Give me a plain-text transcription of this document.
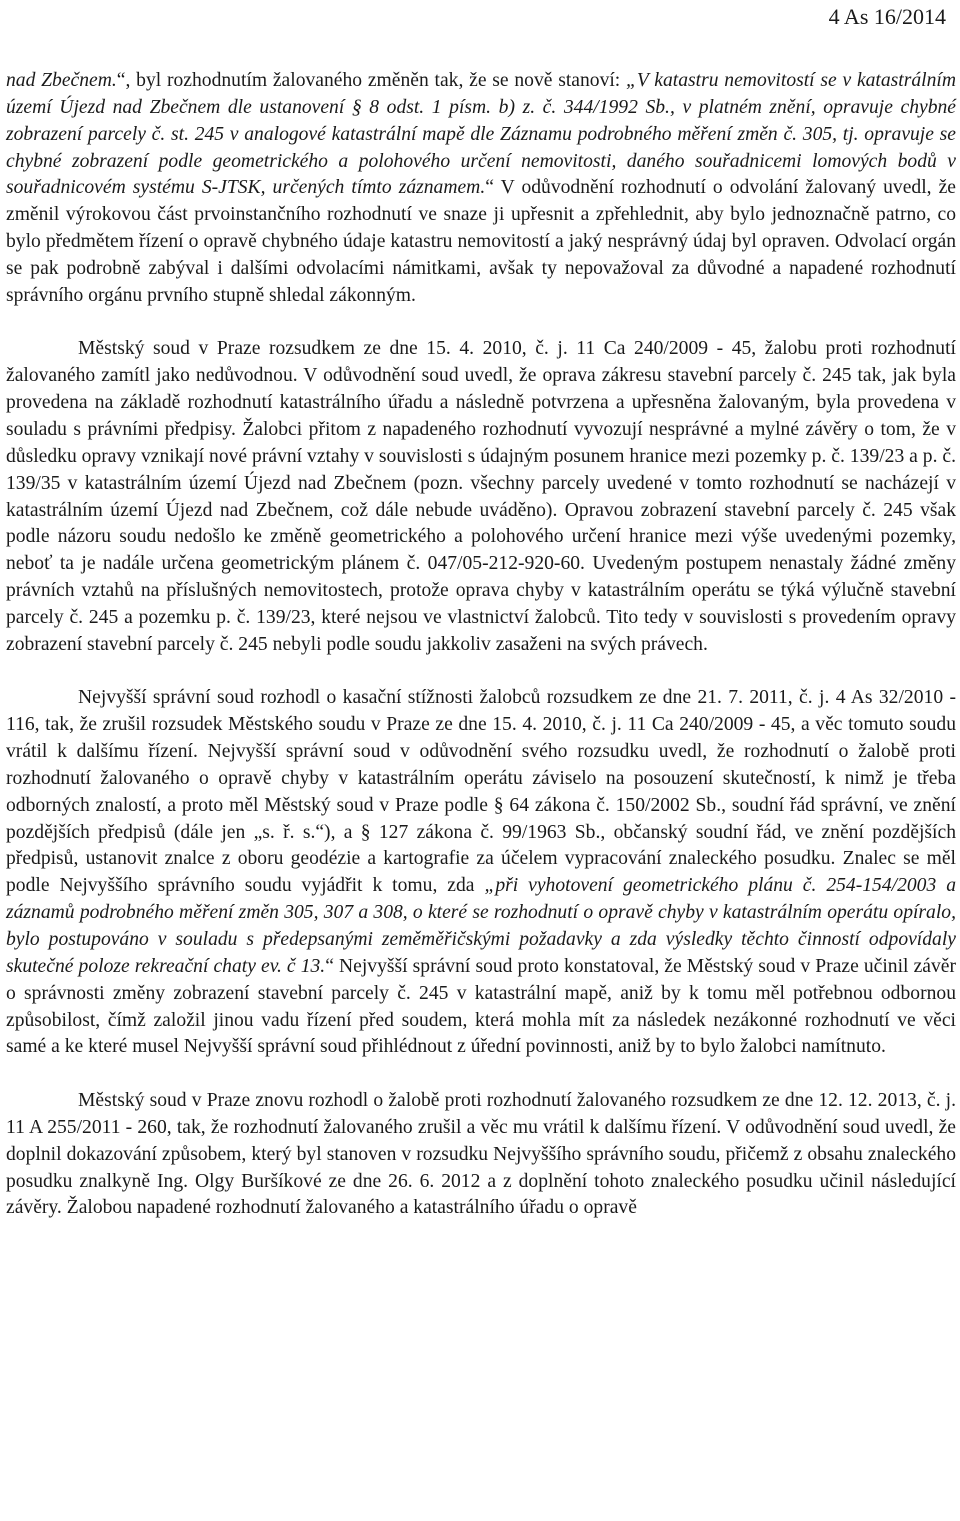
4 As 16/2014

nad Zbečnem.“, byl rozhodnutím žalovaného změněn tak, že se nově stanoví: „V katastru nemovitostí se v katastrálním území Újezd nad Zbečnem dle ustanovení § 8 odst. 1 písm. b) z. č. 344/1992 Sb., v platném znění, opravuje chybné zobrazení parcely č. st. 245 v analogové katastrální mapě dle Záznamu podrobného měření změn č. 305, tj. opravuje se chybné zobrazení podle geometrického a polohového určení nemovitosti, daného souřadnicemi lomových bodů v souřadnicovém systému S-JTSK, určených tímto záznamem.“ V odůvodnění rozhodnutí o odvolání žalovaný uvedl, že změnil výrokovou část prvoinstančního rozhodnutí ve snaze ji upřesnit a zpřehlednit, aby bylo jednoznačně patrno, co bylo předmětem řízení o opravě chybného údaje katastru nemovitostí a jaký nesprávný údaj byl opraven. Odvolací orgán se pak podrobně zabýval i dalšími odvolacími námitkami, avšak ty nepovažoval za důvodné a napadené rozhodnutí správního orgánu prvního stupně shledal zákonným.

Městský soud v Praze rozsudkem ze dne 15. 4. 2010, č. j. 11 Ca 240/2009 - 45, žalobu proti rozhodnutí žalovaného zamítl jako nedůvodnou. V odůvodnění soud uvedl, že oprava zákresu stavební parcely č. 245 tak, jak byla provedena na základě rozhodnutí katastrálního úřadu a následně potvrzena a upřesněna žalovaným, byla provedena v souladu s právními předpisy. Žalobci přitom z napadeného rozhodnutí vyvozují nesprávné a mylné závěry o tom, že v důsledku opravy vznikají nové právní vztahy v souvislosti s údajným posunem hranice mezi pozemky p. č. 139/23 a p. č. 139/35 v katastrálním území Újezd nad Zbečnem (pozn. všechny parcely uvedené v tomto rozhodnutí se nacházejí v katastrálním území Újezd nad Zbečnem, což dále nebude uváděno). Opravou zobrazení stavební parcely č. 245 však podle názoru soudu nedošlo ke změně geometrického a polohového určení hranice mezi výše uvedenými pozemky, neboť ta je nadále určena geometrickým plánem č. 047/05-212-920-60. Uvedeným postupem nenastaly žádné změny právních vztahů na příslušných nemovitostech, protože oprava chyby v katastrálním operátu se týká výlučně stavební parcely č. 245 a pozemku p. č. 139/23, které nejsou ve vlastnictví žalobců. Tito tedy v souvislosti s provedením opravy zobrazení stavební parcely č. 245 nebyli podle soudu jakkoliv zasaženi na svých právech.

Nejvyšší správní soud rozhodl o kasační stížnosti žalobců rozsudkem ze dne 21. 7. 2011, č. j. 4 As 32/2010 - 116, tak, že zrušil rozsudek Městského soudu v Praze ze dne 15. 4. 2010, č. j. 11 Ca 240/2009 - 45, a věc tomuto soudu vrátil k dalšímu řízení. Nejvyšší správní soud v odůvodnění svého rozsudku uvedl, že rozhodnutí o žalobě proti rozhodnutí žalovaného o opravě chyby v katastrálním operátu záviselo na posouzení skutečností, k nimž je třeba odborných znalostí, a proto měl Městský soud v Praze podle § 64 zákona č. 150/2002 Sb., soudní řád správní, ve znění pozdějších předpisů (dále jen „s. ř. s.“), a § 127 zákona č. 99/1963 Sb., občanský soudní řád, ve znění pozdějších předpisů, ustanovit znalce z oboru geodézie a kartografie za účelem vypracování znaleckého posudku. Znalec se měl podle Nejvyššího správního soudu vyjádřit k tomu, zda „při vyhotovení geometrického plánu č. 254-154/2003 a záznamů podrobného měření změn 305, 307 a 308, o které se rozhodnutí o opravě chyby v katastrálním operátu opíralo, bylo postupováno v souladu s předepsanými zeměměřičskými požadavky a zda výsledky těchto činností odpovídaly skutečné poloze rekreační chaty ev. č 13.“ Nejvyšší správní soud proto konstatoval, že Městský soud v Praze učinil závěr o správnosti změny zobrazení stavební parcely č. 245 v katastrální mapě, aniž by k tomu měl potřebnou odbornou způsobilost, čímž založil jinou vadu řízení před soudem, která mohla mít za následek nezákonné rozhodnutí ve věci samé a ke které musel Nejvyšší správní soud přihlédnout z úřední povinnosti, aniž by to bylo žalobci namítnuto.

Městský soud v Praze znovu rozhodl o žalobě proti rozhodnutí žalovaného rozsudkem ze dne 12. 12. 2013, č. j. 11 A 255/2011 - 260, tak, že rozhodnutí žalovaného zrušil a věc mu vrátil k dalšímu řízení. V odůvodnění soud uvedl, že doplnil dokazování způsobem, který byl stanoven v rozsudku Nejvyššího správního soudu, přičemž z obsahu znaleckého posudku znalkyně Ing. Olgy Buršíkové ze dne 26. 6. 2012 a z doplnění tohoto znaleckého posudku učinil následující závěry. Žalobou napadené rozhodnutí žalovaného a katastrálního úřadu o opravě
